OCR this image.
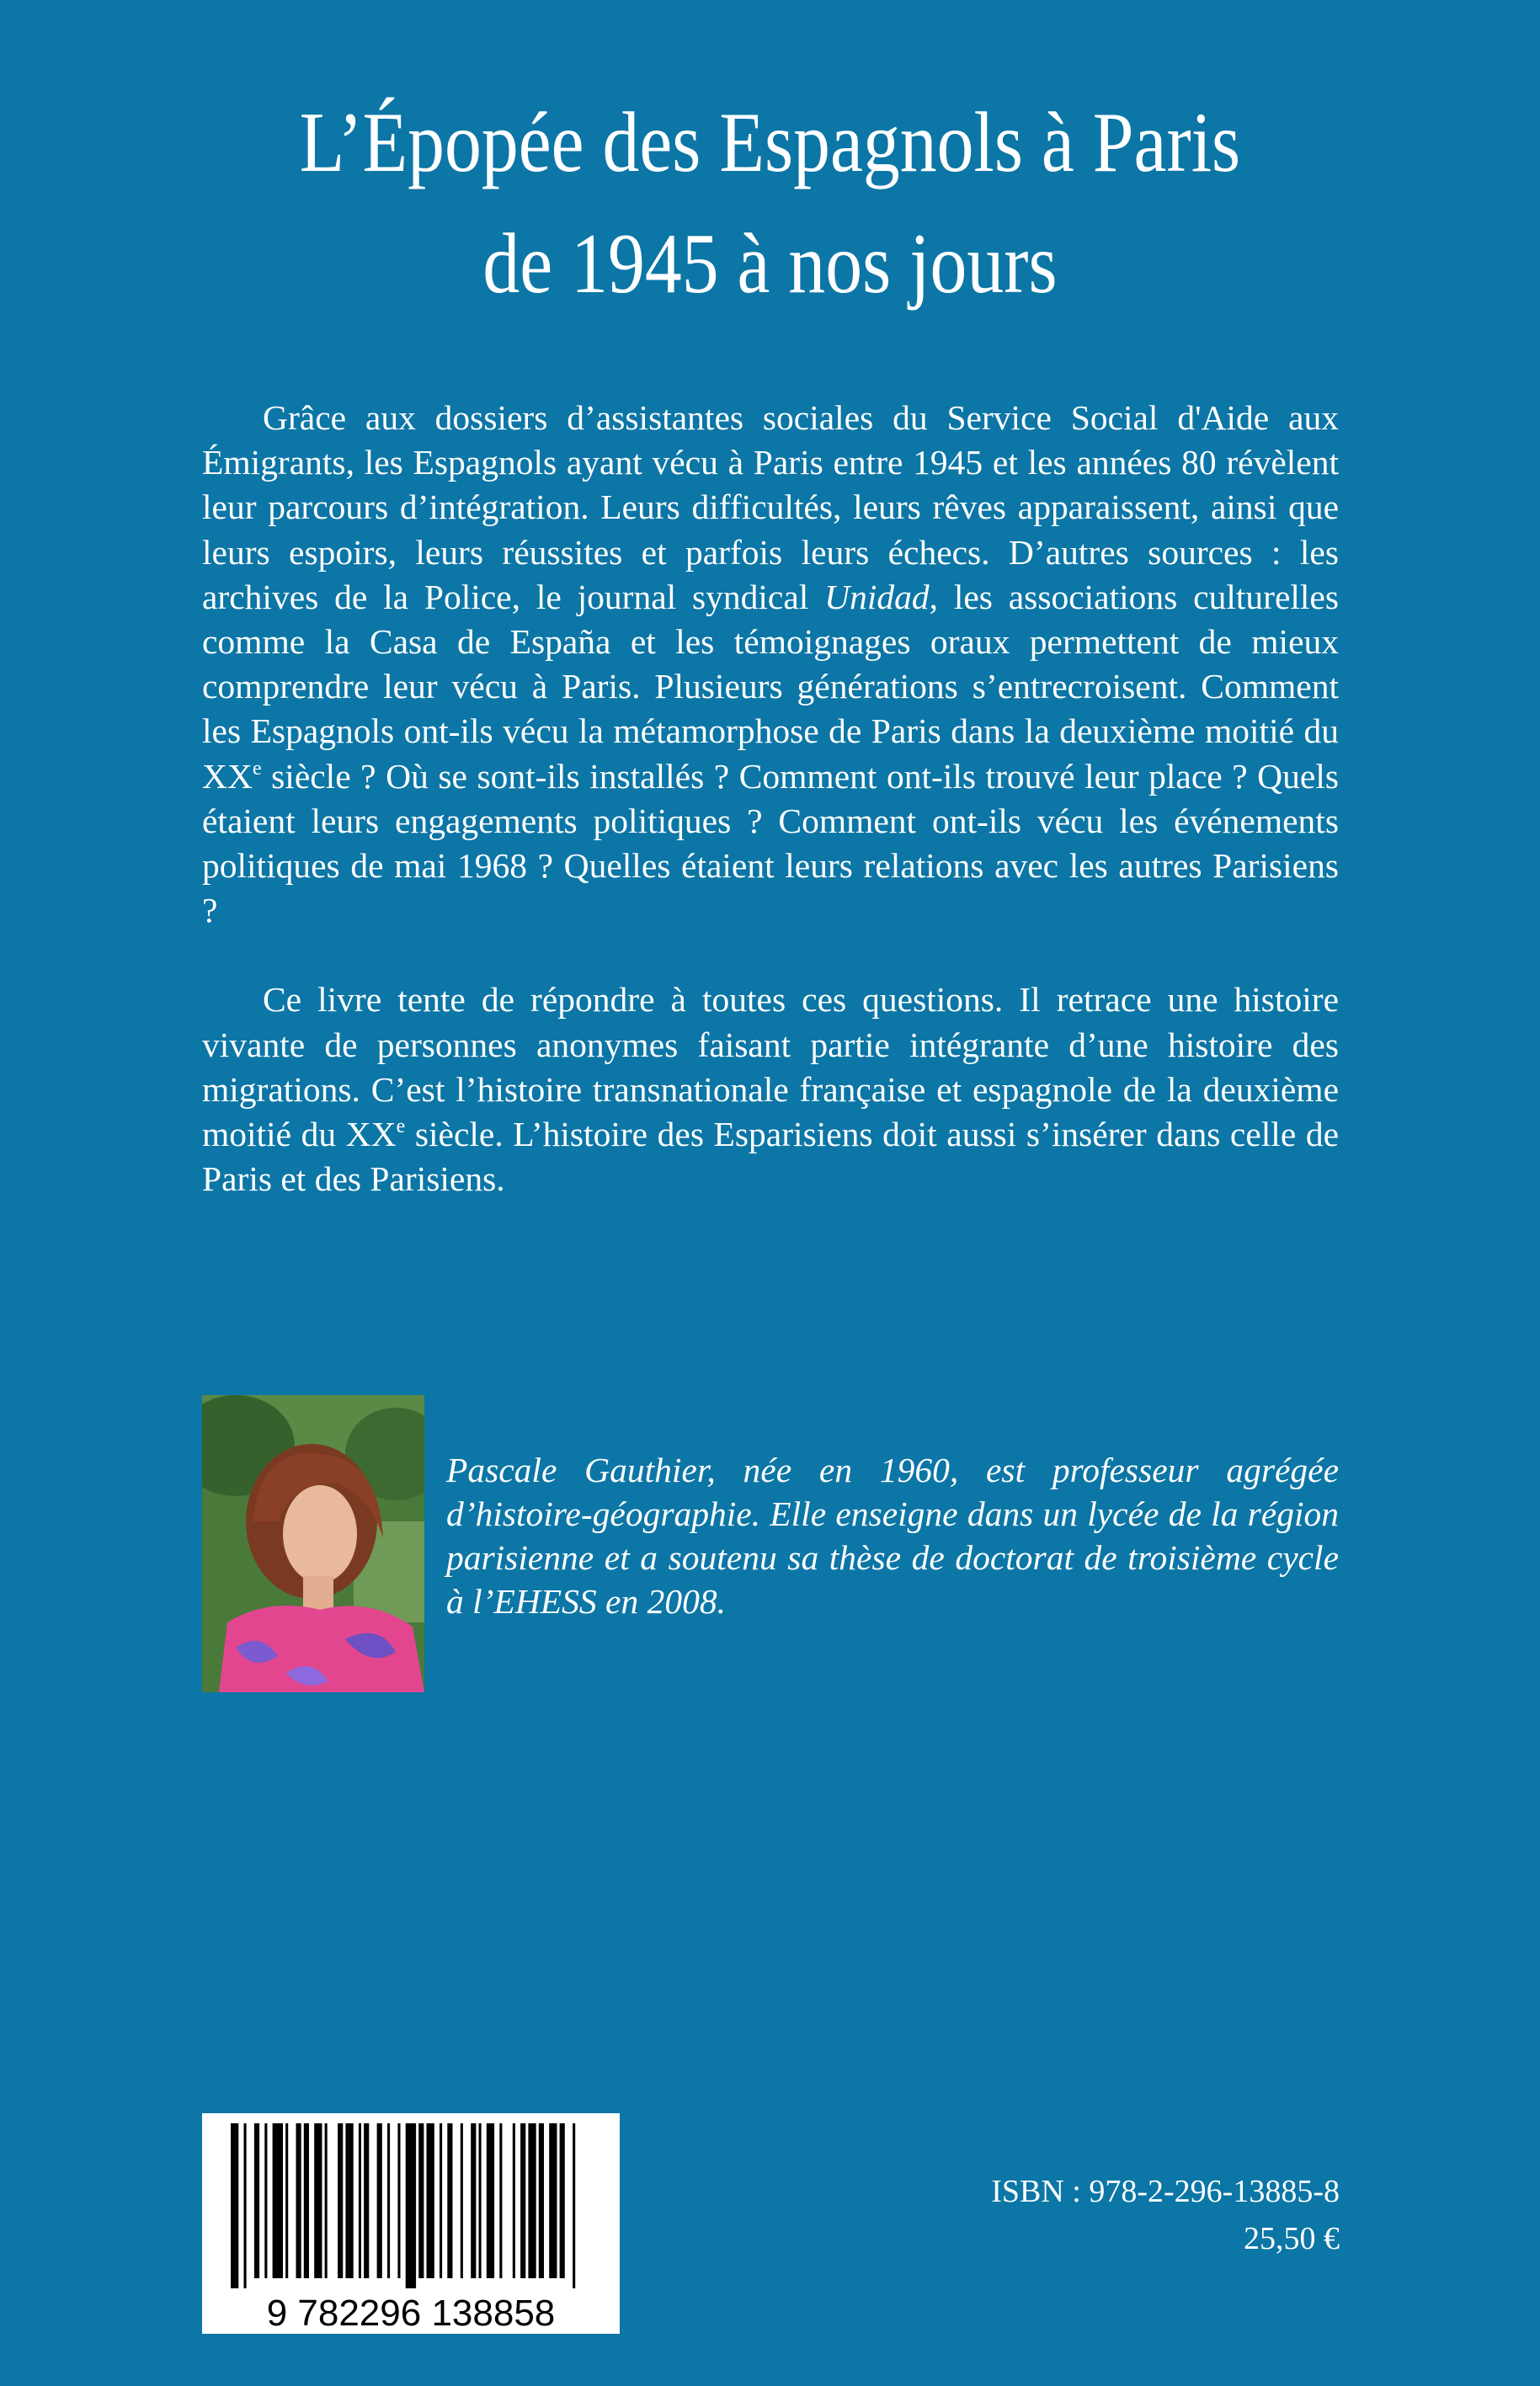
L’Épopée des Espagnols à Paris
de 1945 à nos jours

Grâce aux dossiers d’assistantes sociales du Service Social d'Aide aux Émigrants, les Espagnols ayant vécu à Paris entre 1945 et les années 80 révèlent leur parcours d’intégration. Leurs difficultés, leurs rêves apparaissent, ainsi que leurs espoirs, leurs réussites et parfois leurs échecs. D’autres sources : les archives de la Police, le journal syndical Unidad, les associations culturelles comme la Casa de España et les témoignages oraux permettent de mieux comprendre leur vécu à Paris. Plusieurs générations s’entrecroisent. Comment les Espagnols ont-ils vécu la métamorphose de Paris dans la deuxième moitié du XXe siècle ? Où se sont-ils installés ? Comment ont-ils trouvé leur place ? Quels étaient leurs engagements politiques ? Comment ont-ils vécu les événements politiques de mai 1968 ? Quelles étaient leurs relations avec les autres Parisiens ?

Ce livre tente de répondre à toutes ces questions. Il retrace une histoire vivante de personnes anonymes faisant partie intégrante d’une histoire des migrations. C’est l’histoire transnationale française et espagnole de la deuxième moitié du XXe siècle. L’histoire des Esparisiens doit aussi s’insérer dans celle de Paris et des Parisiens.

Pascale Gauthier, née en 1960, est professeur agrégée d’histoire-géographie. Elle enseigne dans un lycée de la région parisienne et a soutenu sa thèse de doctorat de troisième cycle à l’EHESS en 2008.

9 782296 138858
ISBN : 978-2-296-13885-8
25,50 €
